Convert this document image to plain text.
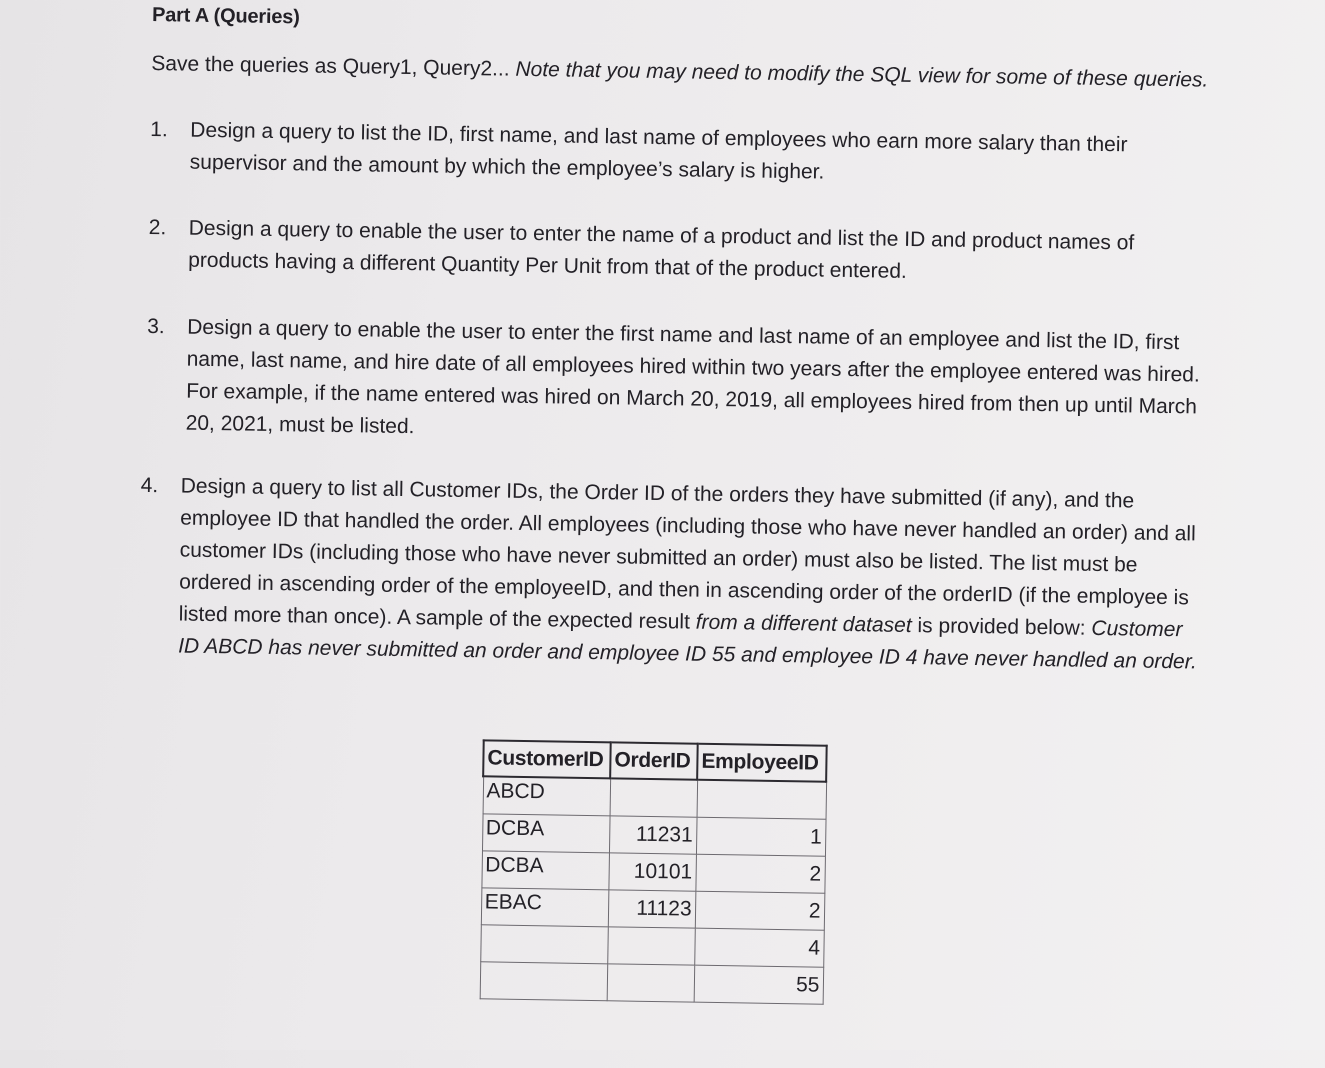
Part A (Queries)
Save the queries as Query1, Query2... Note that you may need to modify the SQL view for some of these queries.
1.	Design a query to list the ID, first name, and last name of employees who earn more salary than their supervisor and the amount by which the employee’s salary is higher.
2.	Design a query to enable the user to enter the name of a product and list the ID and product names of products having a different Quantity Per Unit from that of the product entered.
3.	Design a query to enable the user to enter the first name and last name of an employee and list the ID, first name, last name, and hire date of all employees hired within two years after the employee entered was hired. For example, if the name entered was hired on March 20, 2019, all employees hired from then up until March 20, 2021, must be listed.
4.	Design a query to list all Customer IDs, the Order ID of the orders they have submitted (if any), and the employee ID that handled the order. All employees (including those who have never handled an order) and all customer IDs (including those who have never submitted an order) must also be listed. The list must be ordered in ascending order of the employeeID, and then in ascending order of the orderID (if the employee is listed more than once). A sample of the expected result from a different dataset is provided below: Customer ID ABCD has never submitted an order and employee ID 55 and employee ID 4 have never handled an order.
CustomerID	OrderID	EmployeeID
ABCD		
DCBA	11231	1
DCBA	10101	2
EBAC	11123	2
		4
		55
